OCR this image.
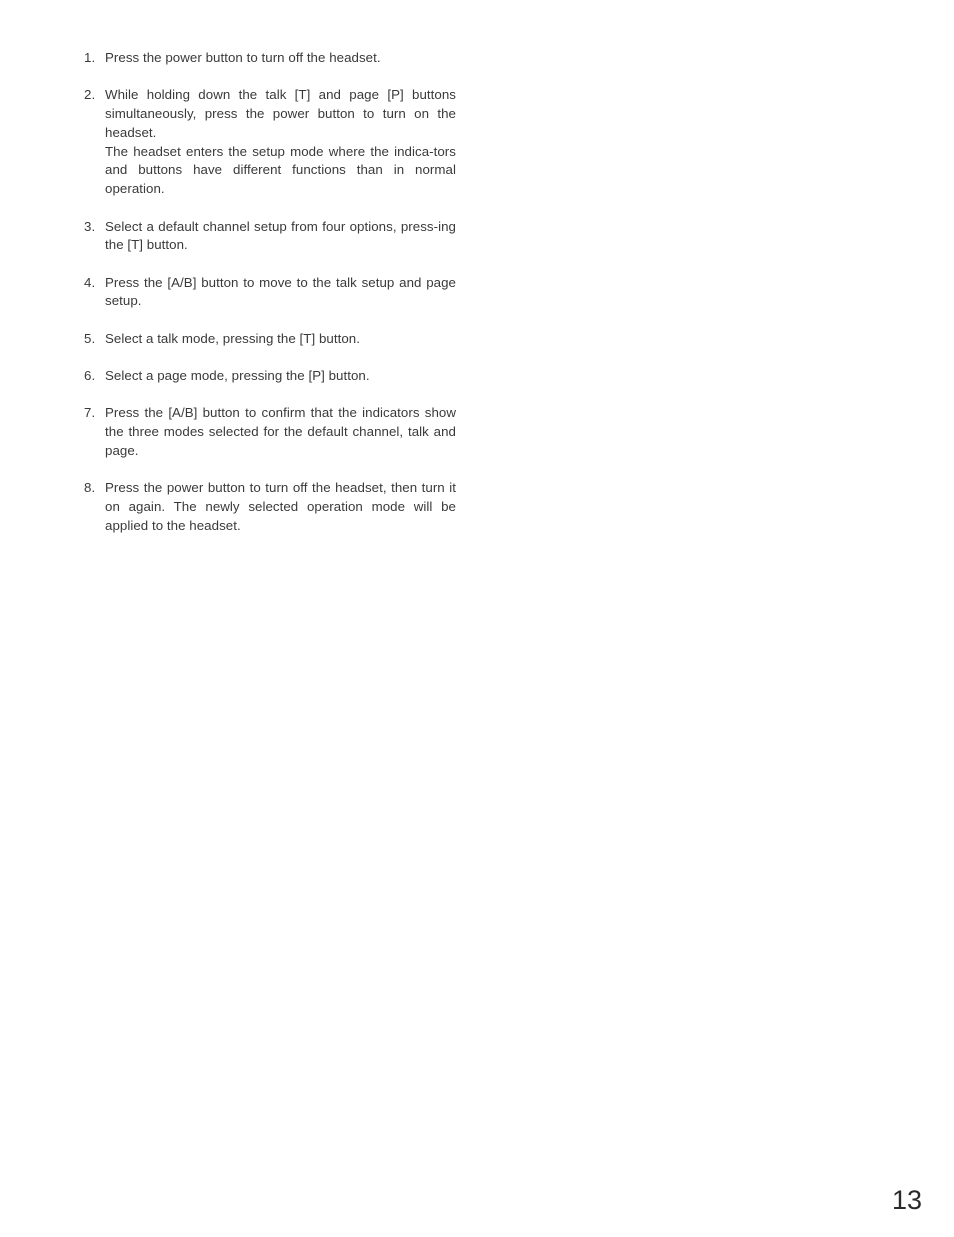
1. Press the power button to turn off the headset.
2. While holding down the talk [T] and page [P] buttons simultaneously, press the power button to turn on the headset.
The headset enters the setup mode where the indica-tors and buttons have different functions than in normal operation.
3. Select a default channel setup from four options, press-ing the [T] button.
4. Press the [A/B] button to move to the talk setup and page setup.
5. Select a talk mode, pressing the [T] button.
6. Select a page mode, pressing the [P] button.
7. Press the [A/B] button to confirm that the indicators show the three modes selected for the default channel, talk and page.
8. Press the power button to turn off the headset, then turn it on again. The newly selected operation mode will be applied to the headset.
13
